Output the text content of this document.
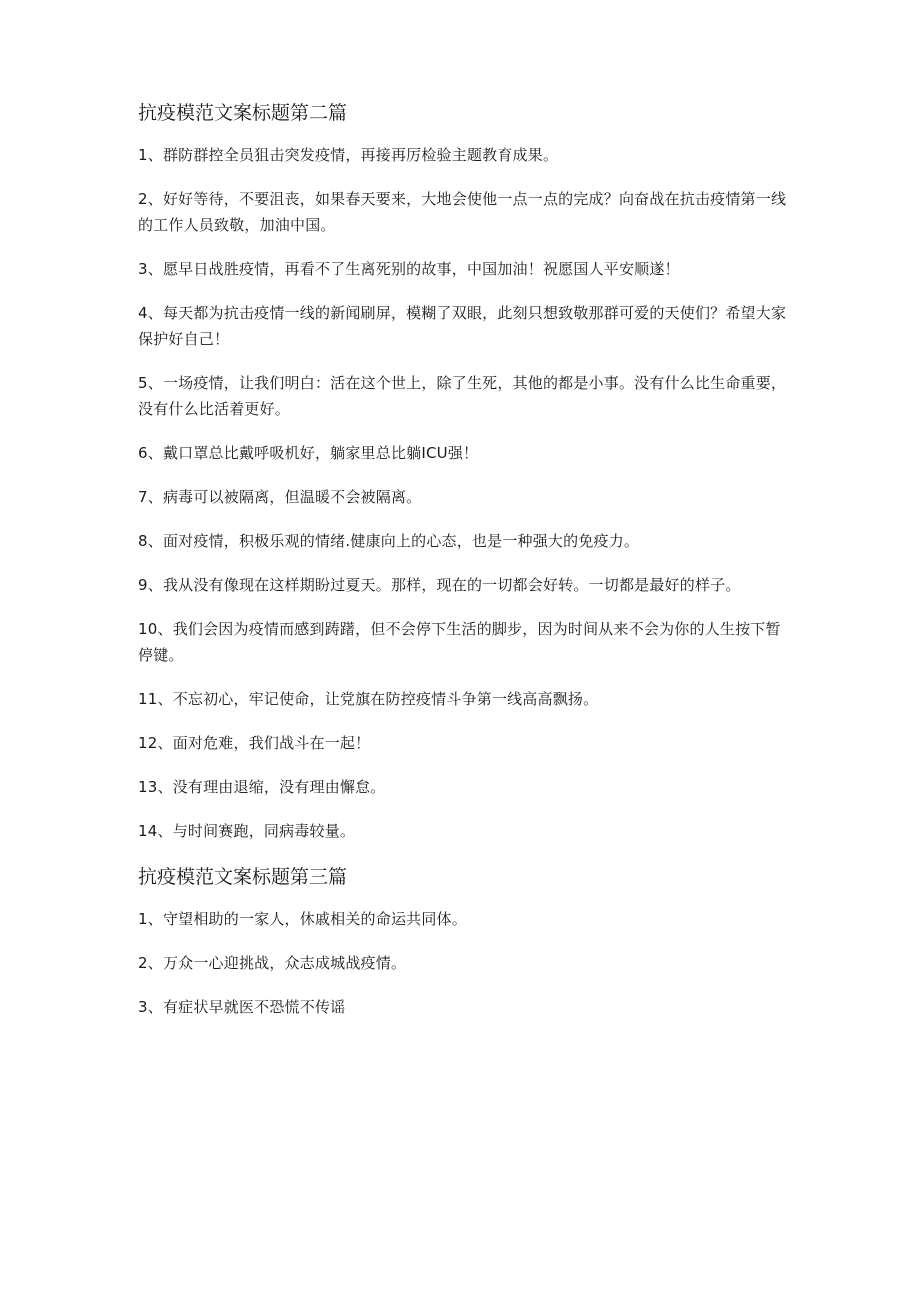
抗疫模范文案标题第二篇

1、群防群控全员狙击突发疫情，再接再厉检验主题教育成果。

2、好好等待，不要沮丧，如果春天要来，大地会使他一点一点的完成？向奋战在抗击疫情第一线的工作人员致敬，加油中国。

3、愿早日战胜疫情，再看不了生离死别的故事，中国加油！祝愿国人平安顺遂！

4、每天都为抗击疫情一线的新闻刷屏，模糊了双眼，此刻只想致敬那群可爱的天使们？希望大家保护好自己！

5、一场疫情，让我们明白：活在这个世上，除了生死，其他的都是小事。没有什么比生命重要，没有什么比活着更好。

6、戴口罩总比戴呼吸机好，躺家里总比躺ICU强！

7、病毒可以被隔离，但温暖不会被隔离。

8、面对疫情，积极乐观的情绪.健康向上的心态，也是一种强大的免疫力。

9、我从没有像现在这样期盼过夏天。那样，现在的一切都会好转。一切都是最好的样子。

10、我们会因为疫情而感到踌躇，但不会停下生活的脚步，因为时间从来不会为你的人生按下暂停键。

11、不忘初心，牢记使命，让党旗在防控疫情斗争第一线高高飘扬。

12、面对危难，我们战斗在一起！

13、没有理由退缩，没有理由懈怠。

14、与时间赛跑，同病毒较量。

抗疫模范文案标题第三篇

1、守望相助的一家人，休戚相关的命运共同体。

2、万众一心迎挑战，众志成城战疫情。

3、有症状早就医不恐慌不传谣
